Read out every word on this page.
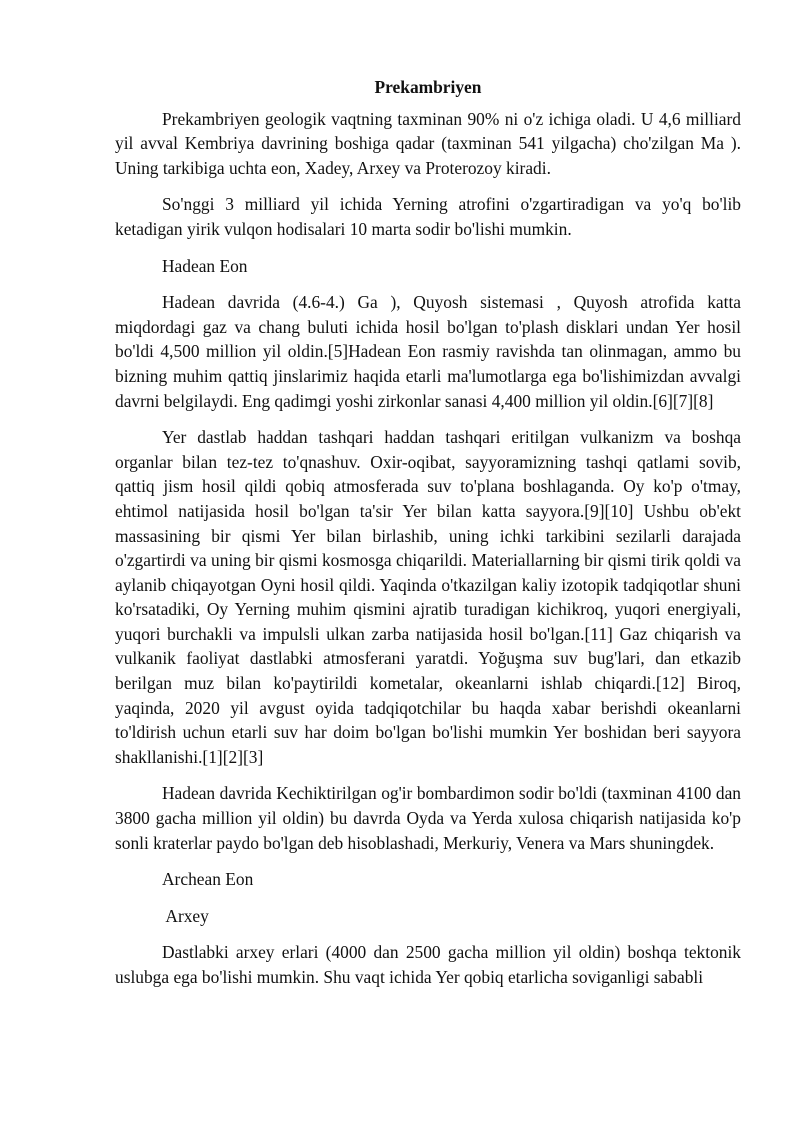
Prekambriyen

Prekambriyen geologik vaqtning taxminan 90% ni o'z ichiga oladi. U 4,6 milliard yil avval Kembriya davrining boshiga qadar (taxminan 541 yilgacha) cho'zilgan Ma ). Uning tarkibiga uchta eon, Xadey, Arxey va Proterozoy kiradi.

So'nggi 3 milliard yil ichida Yerning atrofini o'zgartiradigan va yo'q bo'lib ketadigan yirik vulqon hodisalari 10 marta sodir bo'lishi mumkin.

Hadean Eon

Hadean davrida (4.6-4.) Ga ), Quyosh sistemasi , Quyosh atrofida katta miqdordagi gaz va chang buluti ichida hosil bo'lgan to'plash disklari undan Yer hosil bo'ldi 4,500 million yil oldin.[5]Hadean Eon rasmiy ravishda tan olinmagan, ammo bu bizning muhim qattiq jinslarimiz haqida etarli ma'lumotlarga ega bo'lishimizdan avvalgi davrni belgilaydi. Eng qadimgi yoshi zirkonlar sanasi 4,400 million yil oldin.[6][7][8]

Yer dastlab haddan tashqari haddan tashqari eritilgan vulkanizm va boshqa organlar bilan tez-tez to'qnashuv. Oxir-oqibat, sayyoramizning tashqi qatlami sovib, qattiq jism hosil qildi qobiq atmosferada suv to'plana boshlaganda. Oy ko'p o'tmay, ehtimol natijasida hosil bo'lgan ta'sir Yer bilan katta sayyora.[9][10] Ushbu ob'ekt massasining bir qismi Yer bilan birlashib, uning ichki tarkibini sezilarli darajada o'zgartirdi va uning bir qismi kosmosga chiqarildi. Materiallarning bir qismi tirik qoldi va aylanib chiqayotgan Oyni hosil qildi. Yaqinda o'tkazilgan kaliy izotopik tadqiqotlar shuni ko'rsatadiki, Oy Yerning muhim qismini ajratib turadigan kichikroq, yuqori energiyali, yuqori burchakli va impulsli ulkan zarba natijasida hosil bo'lgan.[11] Gaz chiqarish va vulkanik faoliyat dastlabki atmosferani yaratdi. Yoğuşma suv bug'lari, dan etkazib berilgan muz bilan ko'paytirildi kometalar, okeanlarni ishlab chiqardi.[12] Biroq, yaqinda, 2020 yil avgust oyida tadqiqotchilar bu haqda xabar berishdi okeanlarni to'ldirish uchun etarli suv har doim bo'lgan bo'lishi mumkin Yer boshidan beri sayyora shakllanishi.[1][2][3]

Hadean davrida Kechiktirilgan og'ir bombardimon sodir bo'ldi (taxminan 4100 dan 3800 gacha million yil oldin) bu davrda Oyda va Yerda xulosa chiqarish natijasida ko'p sonli kraterlar paydo bo'lgan deb hisoblashadi, Merkuriy, Venera va Mars shuningdek.

Archean Eon

Arxey

Dastlabki arxey erlari (4000 dan 2500 gacha million yil oldin) boshqa tektonik uslubga ega bo'lishi mumkin. Shu vaqt ichida Yer qobiq etarlicha soviganligi sababli
